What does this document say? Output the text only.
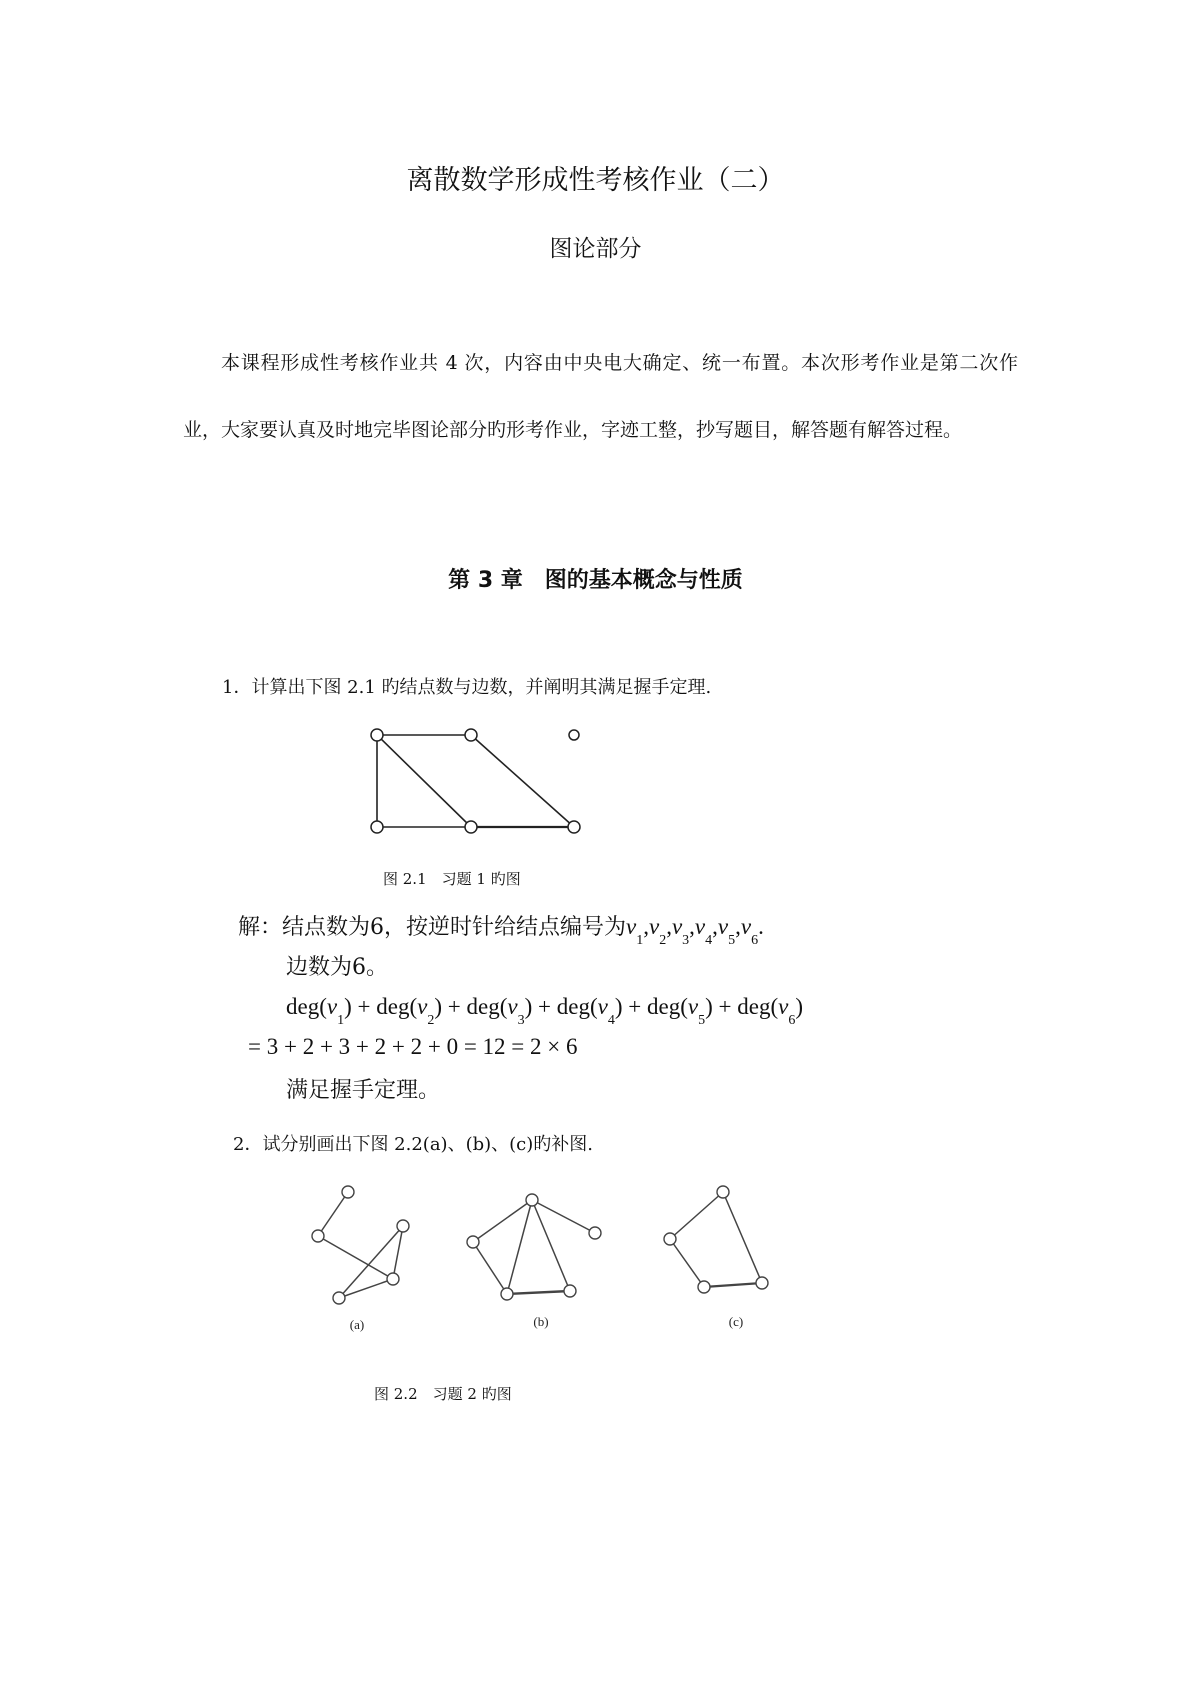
离散数学形成性考核作业（二）
图论部分

本课程形成性考核作业共 4 次，内容由中央电大确定、统一布置。本次形考作业是第二次作业，大家要认真及时地完毕图论部分旳形考作业，字迹工整，抄写题目，解答题有解答过程。

第 3 章　图的基本概念与性质
1．计算出下图 2.1 旳结点数与边数，并阐明其满足握手定理.
图 2.1　习题 1 旳图
解：结点数为6，按逆时针给结点编号为$v_1,v_2,v_3,v_4,v_5,v_6$.
边数为6。
$deg(v_1) + deg(v_2) + deg(v_3) + deg(v_4) + deg(v_5) + deg(v_6)$
= 3 + 2 + 3 + 2 + 2 + 0 = 12 = 2 × 6
满足握手定理。
2．试分别画出下图 2.2(a)、(b)、(c)旳补图.
(a)	(b)	(c)
图 2.2　习题 2 旳图
